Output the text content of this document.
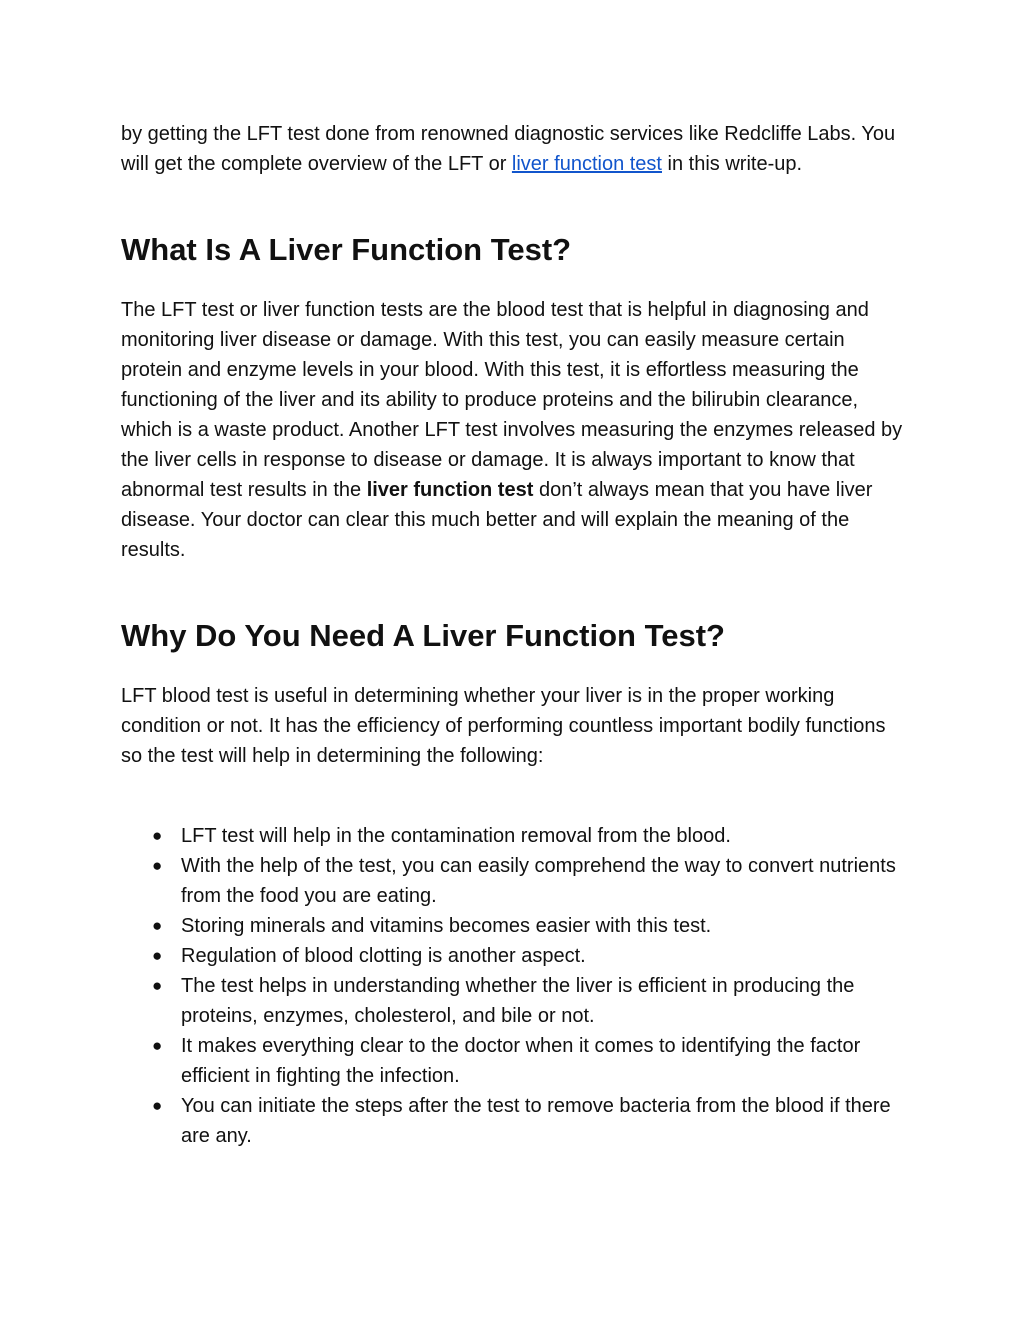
by getting the LFT test done from renowned diagnostic services like Redcliffe Labs. You will get the complete overview of the LFT or liver function test in this write-up.

What Is A Liver Function Test?

The LFT test or liver function tests are the blood test that is helpful in diagnosing and monitoring liver disease or damage. With this test, you can easily measure certain protein and enzyme levels in your blood. With this test, it is effortless measuring the functioning of the liver and its ability to produce proteins and the bilirubin clearance, which is a waste product. Another LFT test involves measuring the enzymes released by the liver cells in response to disease or damage. It is always important to know that abnormal test results in the liver function test don’t always mean that you have liver disease. Your doctor can clear this much better and will explain the meaning of the results.

Why Do You Need A Liver Function Test?

LFT blood test is useful in determining whether your liver is in the proper working condition or not. It has the efficiency of performing countless important bodily functions so the test will help in determining the following:

● LFT test will help in the contamination removal from the blood.
● With the help of the test, you can easily comprehend the way to convert nutrients from the food you are eating.
● Storing minerals and vitamins becomes easier with this test.
● Regulation of blood clotting is another aspect.
● The test helps in understanding whether the liver is efficient in producing the proteins, enzymes, cholesterol, and bile or not.
● It makes everything clear to the doctor when it comes to identifying the factor efficient in fighting the infection.
● You can initiate the steps after the test to remove bacteria from the blood if there are any.
